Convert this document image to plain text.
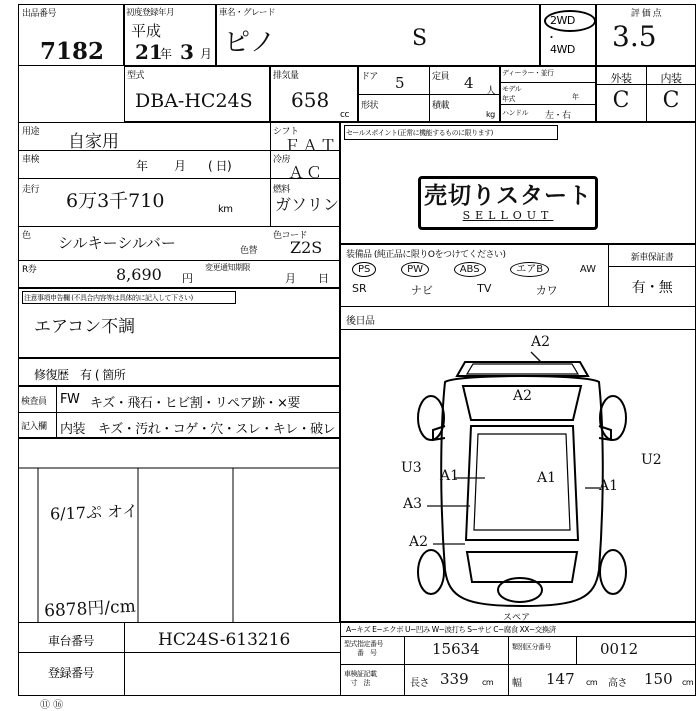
出品番号
7182
初度登録年月
平成
21
年 3 月
車名・グレード
ピノ	S
2WD
4WD
・
評 価 点
3.5
型式
DBA-HC24S
排気量
658
cc
ドア 5	定員 4 人
形状	積載
kg
ディーラー・並行
モデル
年式	年
ハンドル 左・右
外装	内装
C	C
用途 自家用	シフト
ＦＡＴ
車検	年 月 ( 日)	冷房
ＡＣ
走行 6万3千710	km
燃料
ガソリン
色 シルキーシルバー	色替
色コード
Z2S
R券	8,690 円
変更通知期限
月 日
注意事項申告欄 (不具合内容等は具体的に記入して下さい)
エアコン不調
修復歴　有 ( 箇所
検査員
記入欄
FW キズ・飛石・ヒビ割・リペア跡・×要
内装 キズ・汚れ・コゲ・穴・スレ・キレ・破レ
セールスポイント(正常に機能するものに限ります)
売切りスタート
SELLOUT
装備品 (純正品に限りOをつけてください)	新車保証書
有・無
PS	PW	ABS	エアB	AW
SR	ナビ	TV	カワ
後日品
6/17ぷ オイ
6878円/cm
A2
A2
A1
A1
A3
A2
U3	U2
A1
スペア
車台番号	HC24S-613216
登録番号
A−キズ E−エクボ U−凹み W−波打ち S−サビ C−腐食 XX−交換済
型式指定番号
　　番　号	15634	類別区分番号	0012
車検証記載
　寸　法	長さ 339 cm 幅 147 cm 高さ 150 cm
⑪ ⑯
